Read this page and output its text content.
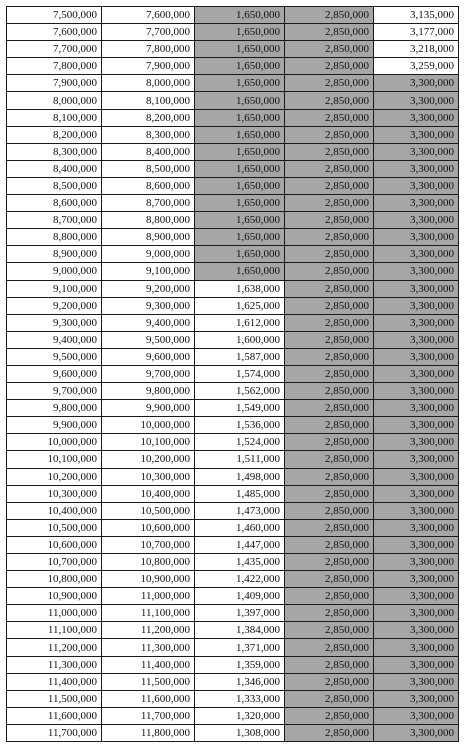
7,500,000	7,600,000	1,650,000	2,850,000	3,135,000
7,600,000	7,700,000	1,650,000	2,850,000	3,177,000
7,700,000	7,800,000	1,650,000	2,850,000	3,218,000
7,800,000	7,900,000	1,650,000	2,850,000	3,259,000
7,900,000	8,000,000	1,650,000	2,850,000	3,300,000
8,000,000	8,100,000	1,650,000	2,850,000	3,300,000
8,100,000	8,200,000	1,650,000	2,850,000	3,300,000
8,200,000	8,300,000	1,650,000	2,850,000	3,300,000
8,300,000	8,400,000	1,650,000	2,850,000	3,300,000
8,400,000	8,500,000	1,650,000	2,850,000	3,300,000
8,500,000	8,600,000	1,650,000	2,850,000	3,300,000
8,600,000	8,700,000	1,650,000	2,850,000	3,300,000
8,700,000	8,800,000	1,650,000	2,850,000	3,300,000
8,800,000	8,900,000	1,650,000	2,850,000	3,300,000
8,900,000	9,000,000	1,650,000	2,850,000	3,300,000
9,000,000	9,100,000	1,650,000	2,850,000	3,300,000
9,100,000	9,200,000	1,638,000	2,850,000	3,300,000
9,200,000	9,300,000	1,625,000	2,850,000	3,300,000
9,300,000	9,400,000	1,612,000	2,850,000	3,300,000
9,400,000	9,500,000	1,600,000	2,850,000	3,300,000
9,500,000	9,600,000	1,587,000	2,850,000	3,300,000
9,600,000	9,700,000	1,574,000	2,850,000	3,300,000
9,700,000	9,800,000	1,562,000	2,850,000	3,300,000
9,800,000	9,900,000	1,549,000	2,850,000	3,300,000
9,900,000	10,000,000	1,536,000	2,850,000	3,300,000
10,000,000	10,100,000	1,524,000	2,850,000	3,300,000
10,100,000	10,200,000	1,511,000	2,850,000	3,300,000
10,200,000	10,300,000	1,498,000	2,850,000	3,300,000
10,300,000	10,400,000	1,485,000	2,850,000	3,300,000
10,400,000	10,500,000	1,473,000	2,850,000	3,300,000
10,500,000	10,600,000	1,460,000	2,850,000	3,300,000
10,600,000	10,700,000	1,447,000	2,850,000	3,300,000
10,700,000	10,800,000	1,435,000	2,850,000	3,300,000
10,800,000	10,900,000	1,422,000	2,850,000	3,300,000
10,900,000	11,000,000	1,409,000	2,850,000	3,300,000
11,000,000	11,100,000	1,397,000	2,850,000	3,300,000
11,100,000	11,200,000	1,384,000	2,850,000	3,300,000
11,200,000	11,300,000	1,371,000	2,850,000	3,300,000
11,300,000	11,400,000	1,359,000	2,850,000	3,300,000
11,400,000	11,500,000	1,346,000	2,850,000	3,300,000
11,500,000	11,600,000	1,333,000	2,850,000	3,300,000
11,600,000	11,700,000	1,320,000	2,850,000	3,300,000
11,700,000	11,800,000	1,308,000	2,850,000	3,300,000
